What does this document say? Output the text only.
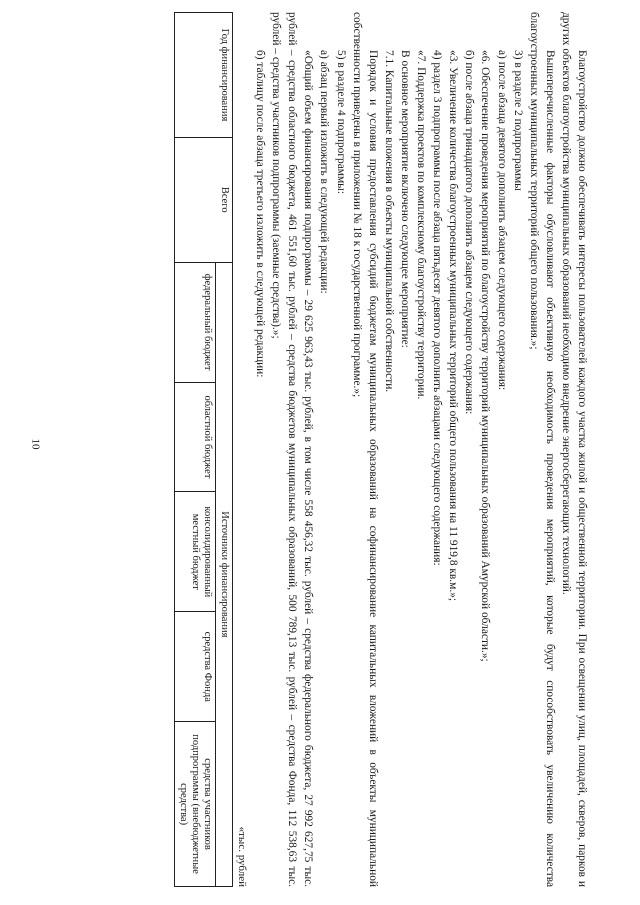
10	Благоустройство должно обеспечивать интересы пользователей каждого участка жилой и общественной территории. При освещении улиц, площадей, скверов, парков и других объектов благоустройства муниципальных образований необходимо внедрение энергосберегающих технологий.

Вышеперечисленные факторы обусловливают объективную необходимость проведения мероприятий, которые будут способствовать увеличению количества благоустроенных муниципальных территорий общего пользования.»;

3) в разделе 2 подпрограммы

а) после абзаца девятого дополнить абзацем следующего содержания:

«6. Обеспечение проведения мероприятий по благоустройству территорий муниципальных образований Амурской области.»;

б) после абзаца тринадцатого дополнить абзацем следующего содержания:

«3. Увеличение количества благоустроенных муниципальных территорий общего пользования на 11 919,8 кв.м.»;

4) раздел 3 подпрограммы после абзаца пятьдесят девятого дополнить абзацами следующего содержания:

«7. Поддержка проектов по комплексному благоустройству территории.

В основное мероприятие включено следующее мероприятие:

7.1. Капитальные вложения в объекты муниципальной собственности.

Порядок и условия предоставления субсидий бюджетам муниципальных образований на софинансирование капитальных вложений в объекты муниципальной собственности приведены в приложении № 18 к государственной программе.»;

5) в разделе 4 подпрограммы:

а) абзац первый изложить в следующей редакции:

«Общий объем финансирования подпрограммы – 29 625 963,43 тыс. рублей, в том числе 558 456,32 тыс. рублей – средства федерального бюджета, 27 992 627,75 тыс. рублей – средства областного бюджета, 461 551,60 тыс. рублей – средства бюджетов муниципальных образований, 500 789,13 тыс. рублей – средства Фонда, 112 538,63 тыс. рублей – средства участников подпрограммы (заемные средства).»;

б) таблицу после абзаца третьего изложить в следующей редакции:

«тыс. рублей
Год финансирования	Всего	Источники финансирования				
		федеральный бюджет	областной бюджет	консолидированный местный бюджет	средства Фонда	средства участников подпрограммы (внебюджетные средства)
